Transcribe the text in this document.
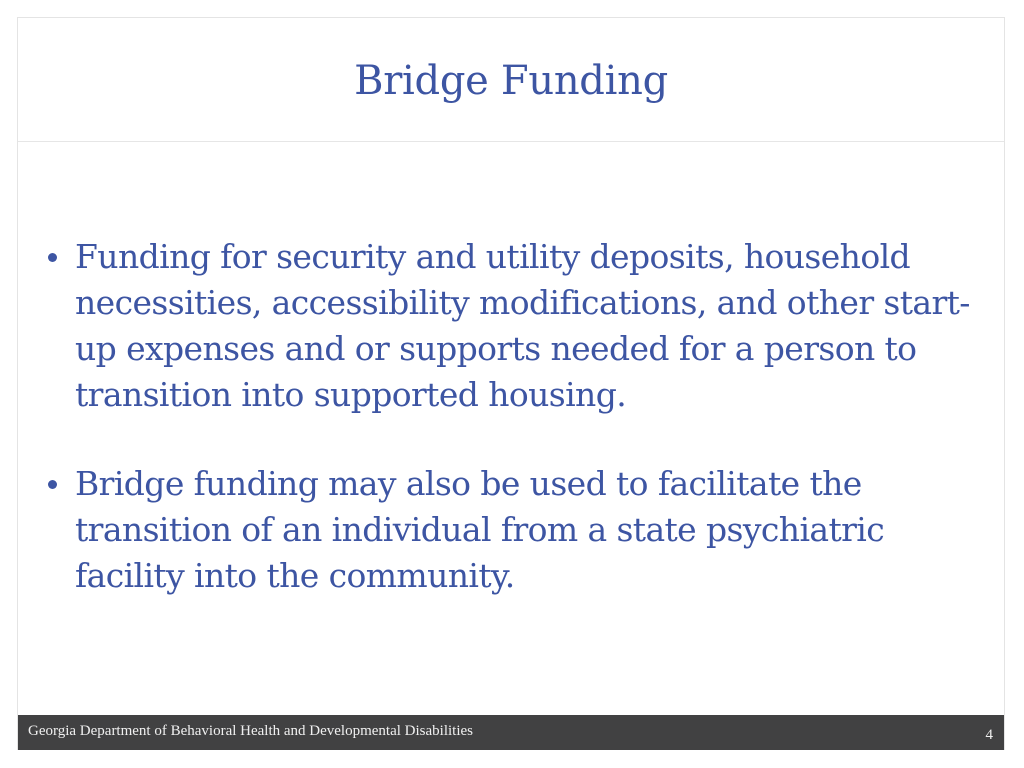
Bridge Funding
Funding for security and utility deposits, household necessities, accessibility modifications, and other start-up expenses and or supports needed for a person to transition into supported housing.
Bridge funding may also be used to facilitate the transition of an individual from a state psychiatric facility into the community.
Georgia Department of Behavioral Health and Developmental Disabilities	4
